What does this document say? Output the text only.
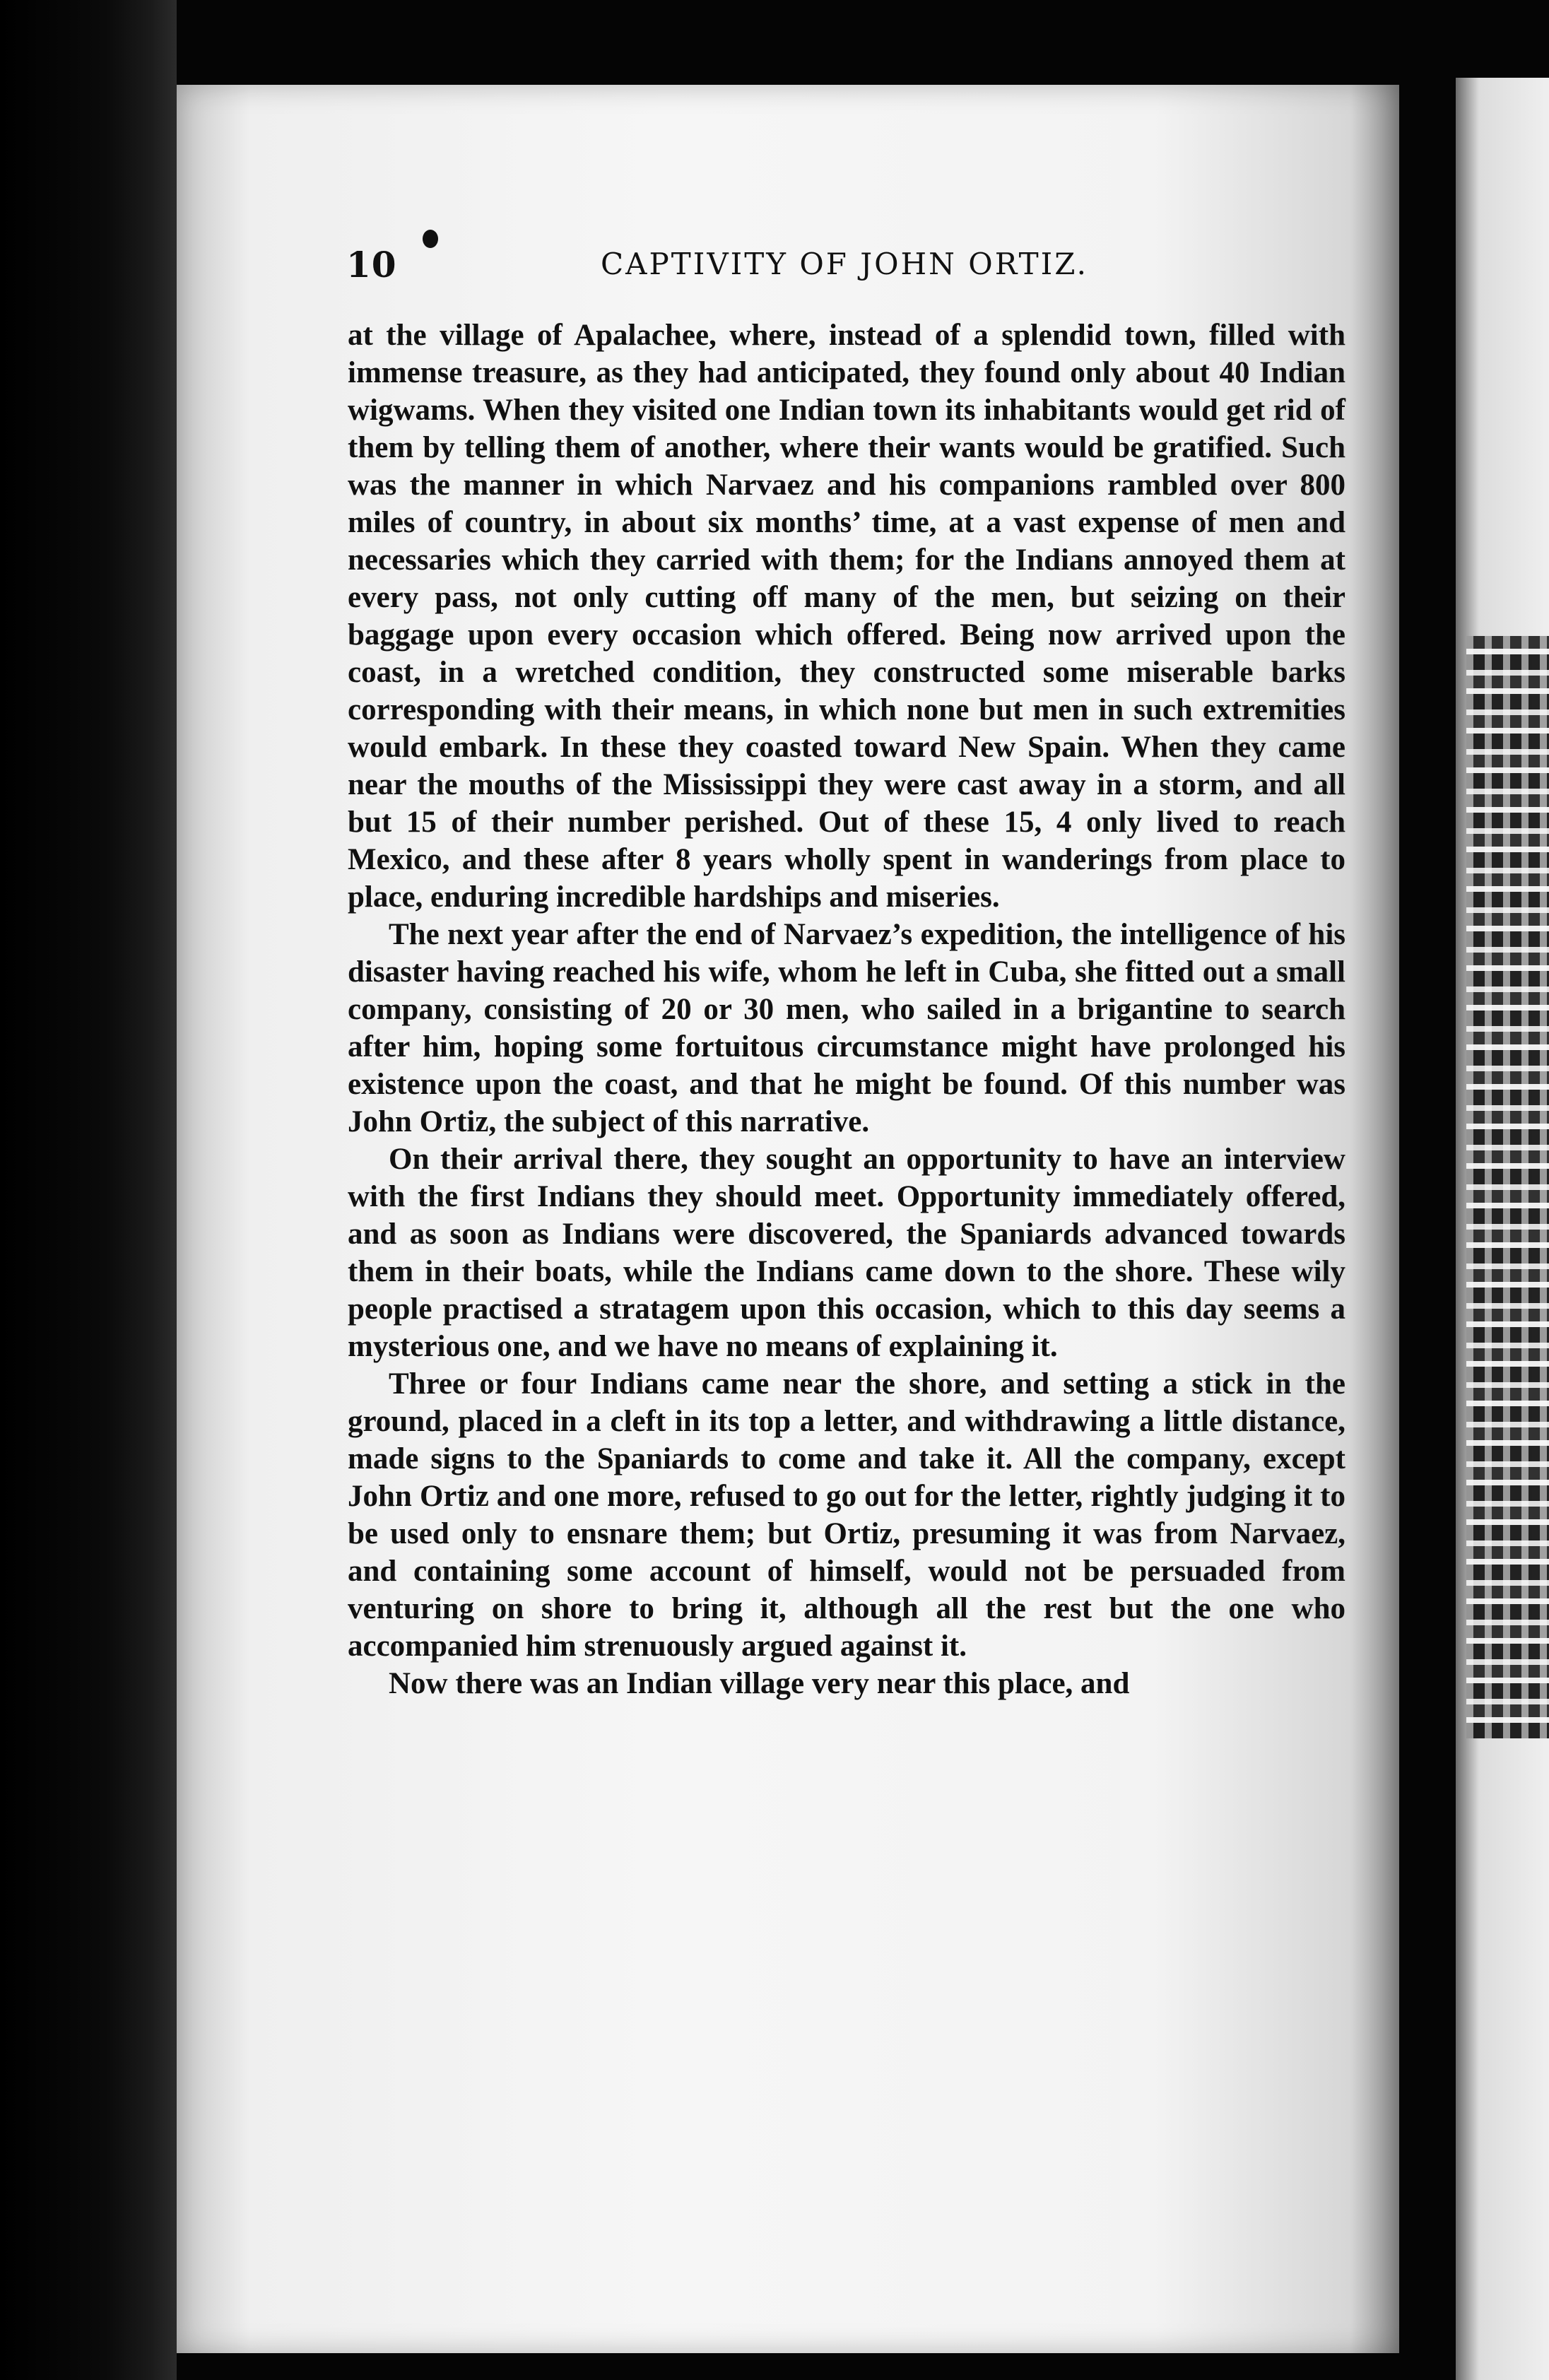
10	CAPTIVITY OF JOHN ORTIZ.

at the village of Apalachee, where, instead of a splendid town, filled with immense treasure, as they had anticipated, they found only about 40 Indian wigwams. When they visited one Indian town its inhabitants would get rid of them by telling them of another, where their wants would be gratified. Such was the manner in which Narvaez and his companions rambled over 800 miles of country, in about six months’ time, at a vast expense of men and necessaries which they carried with them; for the Indians annoyed them at every pass, not only cutting off many of the men, but seizing on their baggage upon every occasion which offered. Being now arrived upon the coast, in a wretched condition, they constructed some miserable barks corresponding with their means, in which none but men in such extremities would embark. In these they coasted toward New Spain. When they came near the mouths of the Mississippi they were cast away in a storm, and all but 15 of their number perished. Out of these 15, 4 only lived to reach Mexico, and these after 8 years wholly spent in wanderings from place to place, enduring incredible hardships and miseries.

The next year after the end of Narvaez’s expedition, the intelligence of his disaster having reached his wife, whom he left in Cuba, she fitted out a small company, consisting of 20 or 30 men, who sailed in a brigantine to search after him, hoping some fortuitous circumstance might have prolonged his existence upon the coast, and that he might be found. Of this number was John Ortiz, the subject of this narrative.

On their arrival there, they sought an opportunity to have an interview with the first Indians they should meet. Opportunity immediately offered, and as soon as Indians were discovered, the Spaniards advanced towards them in their boats, while the Indians came down to the shore. These wily people practised a stratagem upon this occasion, which to this day seems a mysterious one, and we have no means of explaining it.

Three or four Indians came near the shore, and setting a stick in the ground, placed in a cleft in its top a letter, and withdrawing a little distance, made signs to the Spaniards to come and take it. All the company, except John Ortiz and one more, refused to go out for the letter, rightly judging it to be used only to ensnare them; but Ortiz, presuming it was from Narvaez, and containing some account of himself, would not be persuaded from venturing on shore to bring it, although all the rest but the one who accompanied him strenuously argued against it.

Now there was an Indian village very near this place, and
